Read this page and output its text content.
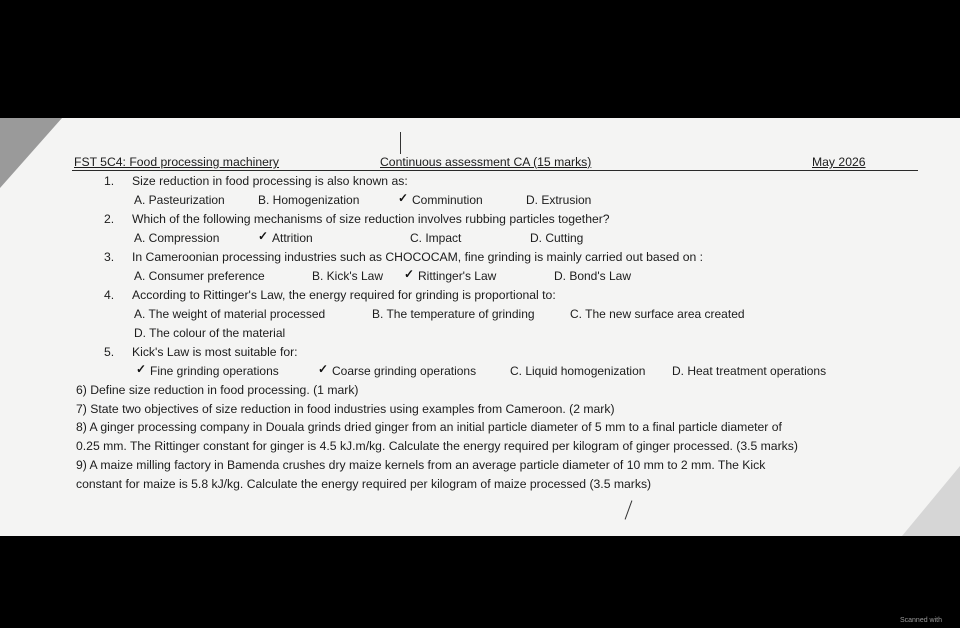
FST 5C4: Food processing machinery	Continuous assessment CA (15 marks)	May 2026
1. Size reduction in food processing is also known as:
A. Pasteurization	B. Homogenization	✓ Comminution	D. Extrusion
2. Which of the following mechanisms of size reduction involves rubbing particles together?
A. Compression	✓ Attrition	C. Impact	D. Cutting
3. In Cameroonian processing industries such as CHOCOCAM, fine grinding is mainly carried out based on :
A. Consumer preference	B. Kick's Law ✓ Rittinger's Law	D. Bond's Law
4. According to Rittinger's Law, the energy required for grinding is proportional to:
A. The weight of material processed	B. The temperature of grinding	C. The new surface area created
D. The colour of the material
5. Kick's Law is most suitable for:
✓ Fine grinding operations	✓ Coarse grinding operations	C. Liquid homogenization D. Heat treatment operations
6) Define size reduction in food processing. (1 mark)
7) State two objectives of size reduction in food industries using examples from Cameroon. (2 mark)
8) A ginger processing company in Douala grinds dried ginger from an initial particle diameter of 5 mm to a final particle diameter of
0.25 mm. The Rittinger constant for ginger is 4.5 kJ.m/kg. Calculate the energy required per kilogram of ginger processed. (3.5 marks)
9) A maize milling factory in Bamenda crushes dry maize kernels from an average particle diameter of 10 mm to 2 mm. The Kick
constant for maize is 5.8 kJ/kg. Calculate the energy required per kilogram of maize processed (3.5 marks)
Scanned with
